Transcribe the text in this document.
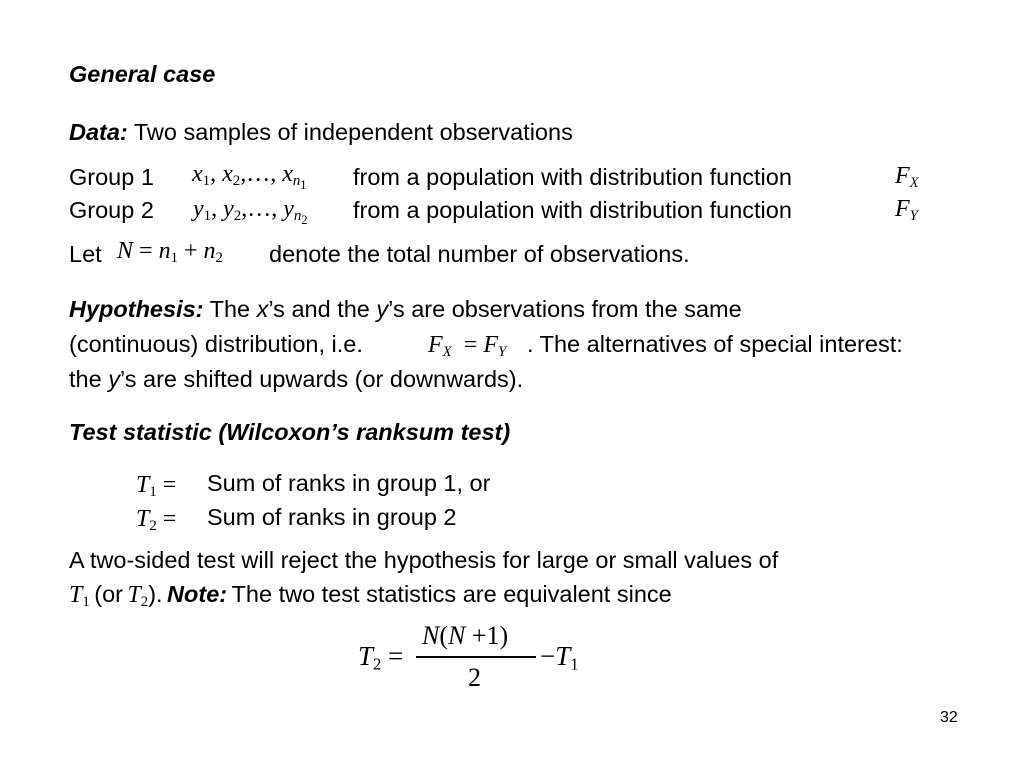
General case
Data: Two samples of independent observations
Group 1 $x_1$, $x_2,\dots$, $x_{n_1}$ from a population with distribution function	$F_X$
Group 2 $y_1$, $y_2,\dots$, $y_{n_2}$ from a population with distribution function	$F_Y$
Let $N = n_1 + n_2$ denote the total number of observations.
Hypothesis: The x’s and the y’s are observations from the same
(continuous) distribution, i.e.	$F_X = F_Y$ . The alternatives of special interest:
the y’s are shifted upwards (or downwards).
Test statistic (Wilcoxon’s ranksum test)
$T_1$ = Sum of ranks in group 1, or
$T_2$ = Sum of ranks in group 2
A two-sided test will reject the hypothesis for large or small values of
$T_1$ (or $T_2$). Note: The two test statistics are equivalent since
$T_2$ =
N(N +1)
2
$-T_1$
32
